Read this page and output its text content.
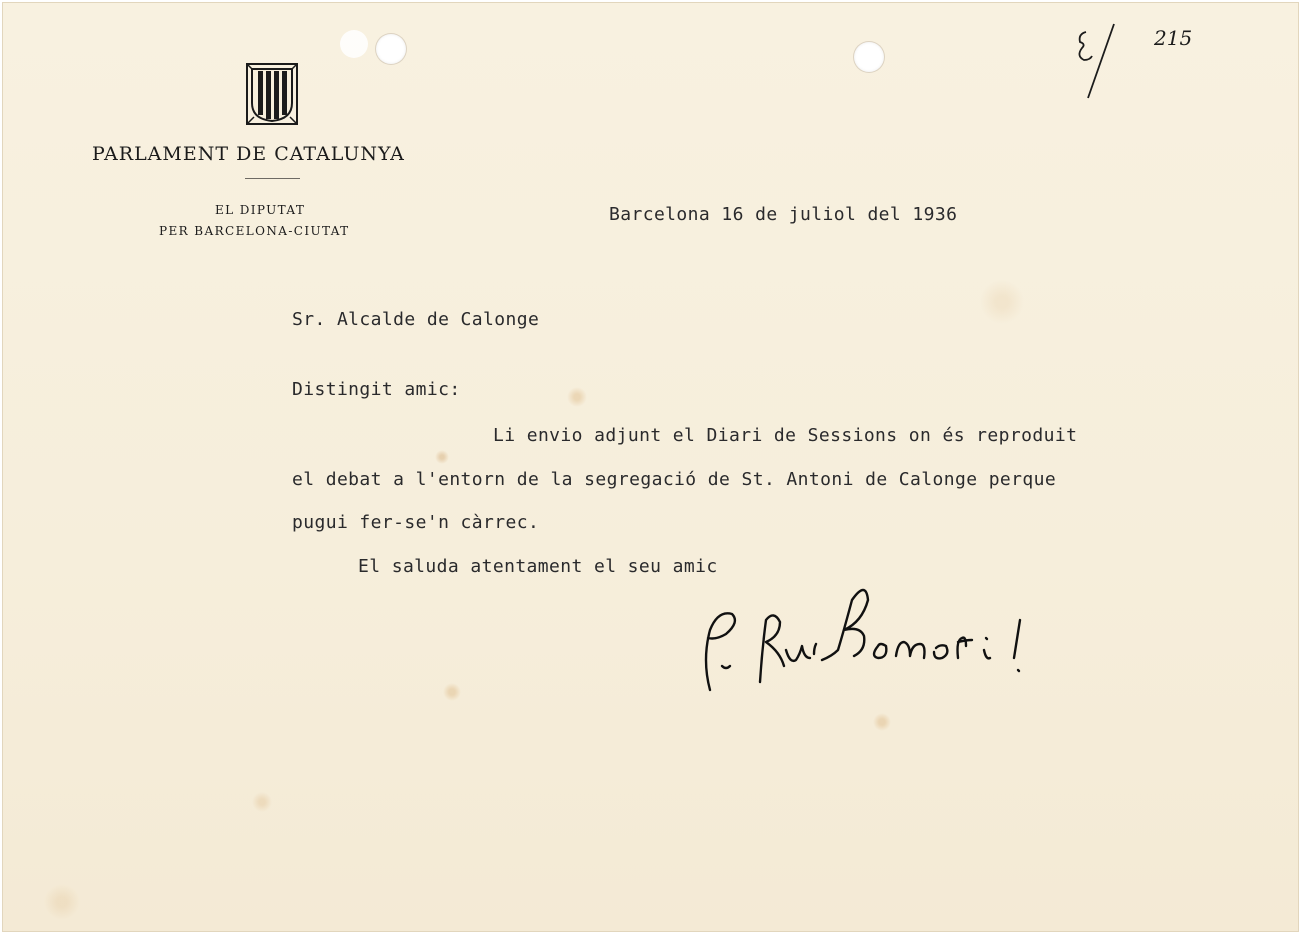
PARLAMENT DE CATALUNYA
EL DIPUTAT
PER BARCELONA-CIUTAT
215
Barcelona 16 de juliol del 1936
Sr. Alcalde de Calonge
Distingit amic:
Li envio adjunt el Diari de Sessions on és reproduit
el debat a l'entorn de la segregació de St. Antoni de Calonge perque
pugui fer-se'n càrrec.
El saluda atentament el seu amic
